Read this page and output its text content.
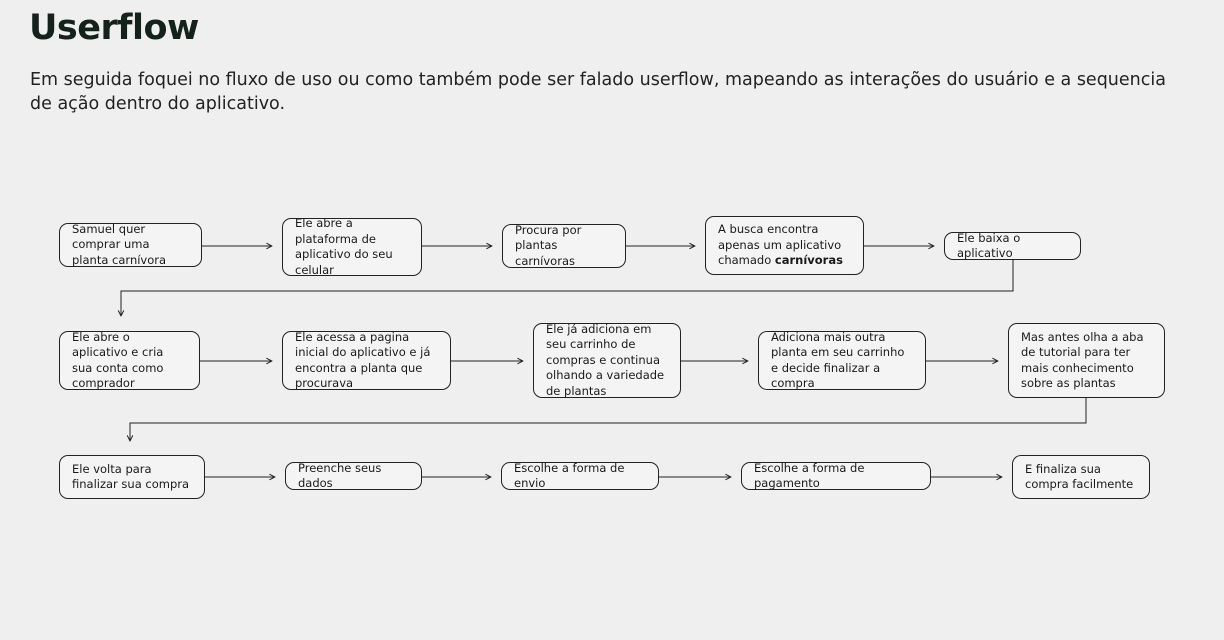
Userflow

Em seguida foquei no fluxo de uso ou como também pode ser falado userflow, mapeando as interações do usuário e a sequencia de ação dentro do aplicativo.

Samuel quer comprar uma planta carnívora
Ele abre a plataforma de aplicativo do seu celular
Procura por plantas carnívoras
A busca encontra apenas um aplicativo chamado carnívoras
Ele baixa o aplicativo
Ele abre o aplicativo e cria sua conta como comprador
Ele acessa a pagina inicial do aplicativo e já encontra a planta que procurava
Ele já adiciona em seu carrinho de compras e continua olhando a variedade de plantas
Adiciona mais outra planta em seu carrinho e decide finalizar a compra
Mas antes olha a aba de tutorial para ter mais conhecimento sobre as plantas
Ele volta para finalizar sua compra
Preenche seus dados
Escolhe a forma de envio
Escolhe a forma de pagamento
E finaliza sua compra facilmente
